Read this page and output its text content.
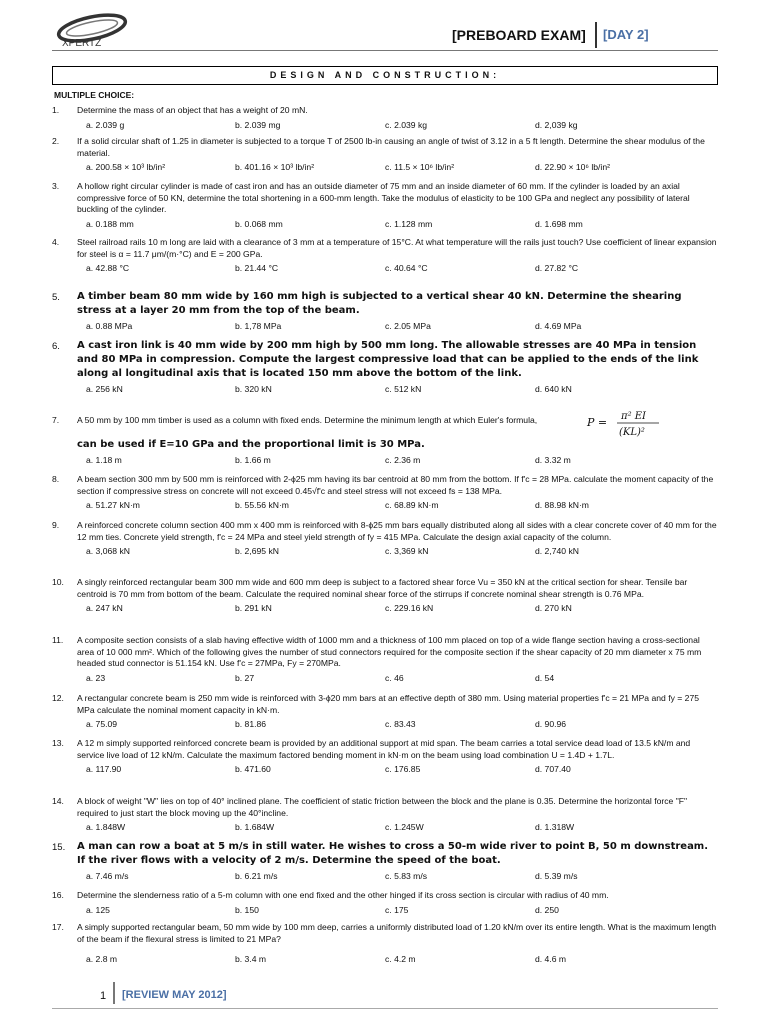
XPERTZ
[PREBOARD EXAM] [DAY 2]
DESIGN AND CONSTRUCTION:
MULTIPLE CHOICE:
1.	Determine the mass of an object that has a weight of 20 mN.
a. 2.039 g	b. 2.039 mg	c. 2.039 kg	d. 2,039 kg
2.	If a solid circular shaft of 1.25 in diameter is subjected to a torque T of 2500 lb-in causing an angle of twist of 3.12 in a 5 ft length. Determine the shear modulus of the material.
a. 200.58 × 10³ lb/in²	b. 401.16 × 10³ lb/in²	c. 11.5 × 10⁶ lb/in²	d. 22.90 × 10⁶ lb/in²
3.	A hollow right circular cylinder is made of cast iron and has an outside diameter of 75 mm and an inside diameter of 60 mm. If the cylinder is loaded by an axial compressive force of 50 KN, determine the total shortening in a 600-mm length. Take the modulus of elasticity to be 100 GPa and neglect any possibility of lateral buckling of the cylinder.
a. 0.188 mm	b. 0.068 mm	c. 1.128 mm	d. 1.698 mm
4.	Steel railroad rails 10 m long are laid with a clearance of 3 mm at a temperature of 15°C. At what temperature will the rails just touch? Use coefficient of linear expansion for steel is α = 11.7 μm/(m·°C) and E = 200 GPa.
a. 42.88 °C	b. 21.44 °C	c. 40.64 °C	d. 27.82 °C
5.	A timber beam 80 mm wide by 160 mm high is subjected to a vertical shear 40 kN. Determine the shearing stress at a layer 20 mm from the top of the beam.
a. 0.88 MPa	b. 1,78 MPa	c. 2.05 MPa	d. 4.69 MPa
6.	A cast iron link is 40 mm wide by 200 mm high by 500 mm long. The allowable stresses are 40 MPa in tension and 80 MPa in compression. Compute the largest compressive load that can be applied to the ends of the link along al longitudinal axis that is located 150 mm above the bottom of the link.
a. 256 kN	b. 320 kN	c. 512 kN	d. 640 kN
7.	A 50 mm by 100 mm timber is used as a column with fixed ends. Determine the minimum length at which Euler's formula,
can be used if E=10 GPa and the proportional limit is 30 MPa.
a. 1.18 m	b. 1.66 m	c. 2.36 m	d. 3.32 m
P = π² EI
(KL)²
8.	A beam section 300 mm by 500 mm is reinforced with 2-ϕ25 mm having its bar centroid at 80 mm from the bottom. If f'c = 28 MPa. calculate the moment capacity of the section if compressive stress on concrete will not exceed 0.45√f'c and steel stress will not exceed fs = 138 MPa.
a. 51.27 kN·m	b. 55.56 kN·m	c. 68.89 kN·m	d. 88.98 kN·m
9.	A reinforced concrete column section 400 mm x 400 mm is reinforced with 8-ϕ25 mm bars equally distributed along all sides with a clear concrete cover of 40 mm for the 12 mm ties. Concrete yield strength, f'c = 24 MPa and steel yield strength of fy = 415 MPa. Calculate the design axial capacity of the column.
a. 3,068 kN	b. 2,695 kN	c. 3,369 kN	d. 2,740 kN
10.	A singly reinforced rectangular beam 300 mm wide and 600 mm deep is subject to a factored shear force Vu = 350 kN at the critical section for shear. Tensile bar centroid is 70 mm from bottom of the beam. Calculate the required nominal shear force of the stirrups if concrete nominal shear strength is 0.76 MPa.
a. 247 kN	b. 291 kN	c. 229.16 kN	d. 270 kN
11.	A composite section consists of a slab having effective width of 1000 mm and a thickness of 100 mm placed on top of a wide flange section having a cross-sectional area of 10 000 mm². Which of the following gives the number of stud connectors required for the composite section if the shear capacity of 20 mm diameter x 75 mm headed stud connector is 51.154 kN. Use f'c = 27MPa, Fy = 270MPa.
a. 23	b. 27	c. 46	d. 54
12.	A rectangular concrete beam is 250 mm wide is reinforced with 3-ϕ20 mm bars at an effective depth of 380 mm. Using material properties f'c = 21 MPa and fy = 275 MPa calculate the nominal moment capacity in kN·m.
a. 75.09	b. 81.86	c. 83.43	d. 90.96
13.	A 12 m simply supported reinforced concrete beam is provided by an additional support at mid span. The beam carries a total service dead load of 13.5 kN/m and service live load of 12 kN/m. Calculate the maximum factored bending moment in kN·m on the beam using load combination U = 1.4D + 1.7L.
a. 117.90	b. 471.60	c. 176.85	d. 707.40
14.	A block of weight "W" lies on top of 40° inclined plane. The coefficient of static friction between the block and the plane is 0.35. Determine the horizontal force "F" required to just start the block moving up the 40°incline.
a. 1.848W	b. 1.684W	c. 1.245W	d. 1.318W
15.	A man can row a boat at 5 m/s in still water. He wishes to cross a 50-m wide river to point B, 50 m downstream. If the river flows with a velocity of 2 m/s. Determine the speed of the boat.
a. 7.46 m/s	b. 6.21 m/s	c. 5.83 m/s	d. 5.39 m/s
16.	Determine the slenderness ratio of a 5-m column with one end fixed and the other hinged if its cross section is circular with radius of 40 mm.
a. 125	b. 150	c. 175	d. 250
17.	A simply supported rectangular beam, 50 mm wide by 100 mm deep, carries a uniformly distributed load of 1.20 kN/m over its entire length. What is the maximum length of the beam if the flexural stress is limited to 21 MPa?
a. 2.8 m	b. 3.4 m	c. 4.2 m	d. 4.6 m
1 [REVIEW MAY 2012]
